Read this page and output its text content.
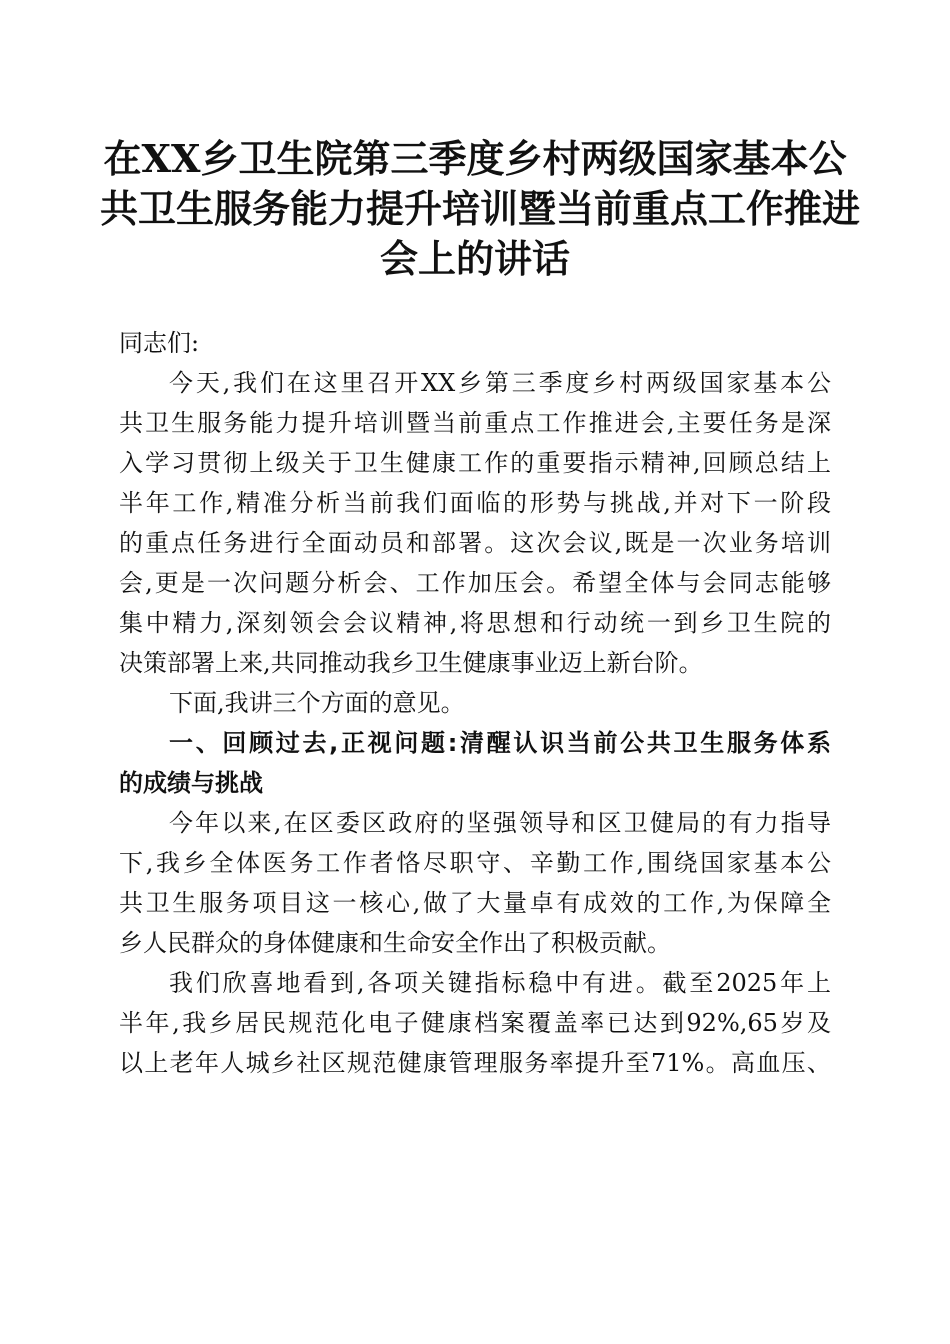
在XX乡卫生院第三季度乡村两级国家基本公
共卫生服务能力提升培训暨当前重点工作推进
会上的讲话
同志们:
今天,我们在这里召开XX乡第三季度乡村两级国家基本公
共卫生服务能力提升培训暨当前重点工作推进会,主要任务是深
入学习贯彻上级关于卫生健康工作的重要指示精神,回顾总结上
半年工作,精准分析当前我们面临的形势与挑战,并对下一阶段
的重点任务进行全面动员和部署。这次会议,既是一次业务培训
会,更是一次问题分析会、工作加压会。希望全体与会同志能够
集中精力,深刻领会会议精神,将思想和行动统一到乡卫生院的
决策部署上来,共同推动我乡卫生健康事业迈上新台阶。
下面,我讲三个方面的意见。
一、回顾过去,正视问题:清醒认识当前公共卫生服务体系
的成绩与挑战
今年以来,在区委区政府的坚强领导和区卫健局的有力指导
下,我乡全体医务工作者恪尽职守、辛勤工作,围绕国家基本公
共卫生服务项目这一核心,做了大量卓有成效的工作,为保障全
乡人民群众的身体健康和生命安全作出了积极贡献。
我们欣喜地看到,各项关键指标稳中有进。截至2025年上
半年,我乡居民规范化电子健康档案覆盖率已达到92%,65岁及
以上老年人城乡社区规范健康管理服务率提升至71%。高血压、
